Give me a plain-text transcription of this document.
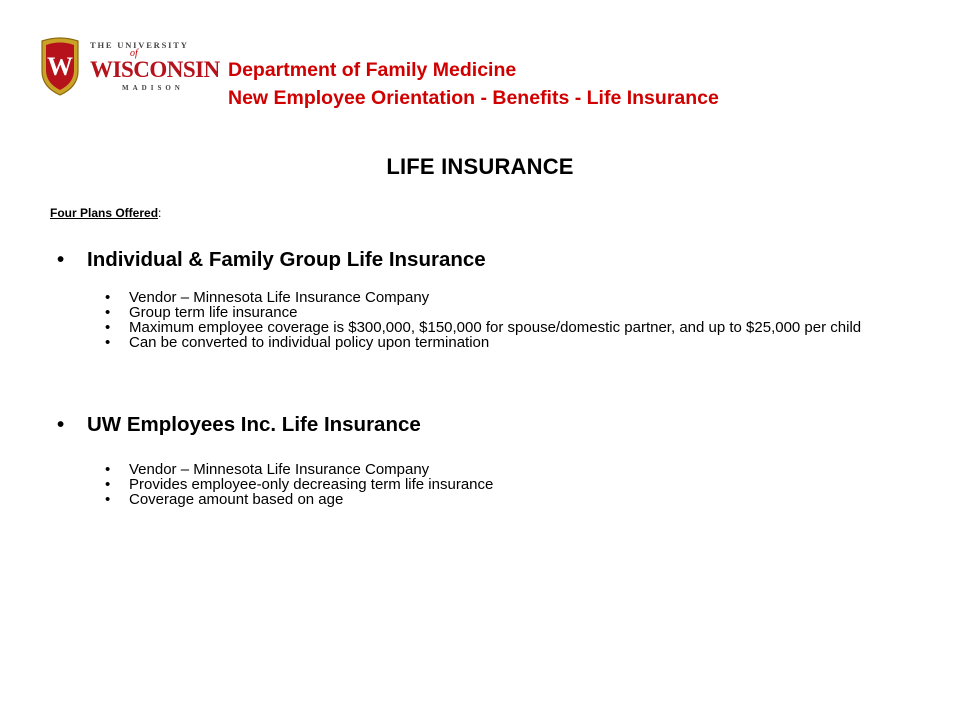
W
THE UNIVERSITY
of
WISCONSIN
MADISON
Department of Family Medicine
New Employee Orientation - Benefits - Life Insurance
LIFE INSURANCE
Four Plans Offered:
• Individual & Family Group Life Insurance

• Vendor – Minnesota Life Insurance Company

• Group term life insurance

• Maximum employee coverage is $300,000, $150,000 for spouse/domestic partner, and up to $25,000 per child

• Can be converted to individual policy upon termination

• UW Employees Inc. Life Insurance

• Vendor – Minnesota Life Insurance Company

• Provides employee-only decreasing term life insurance

• Coverage amount based on age
